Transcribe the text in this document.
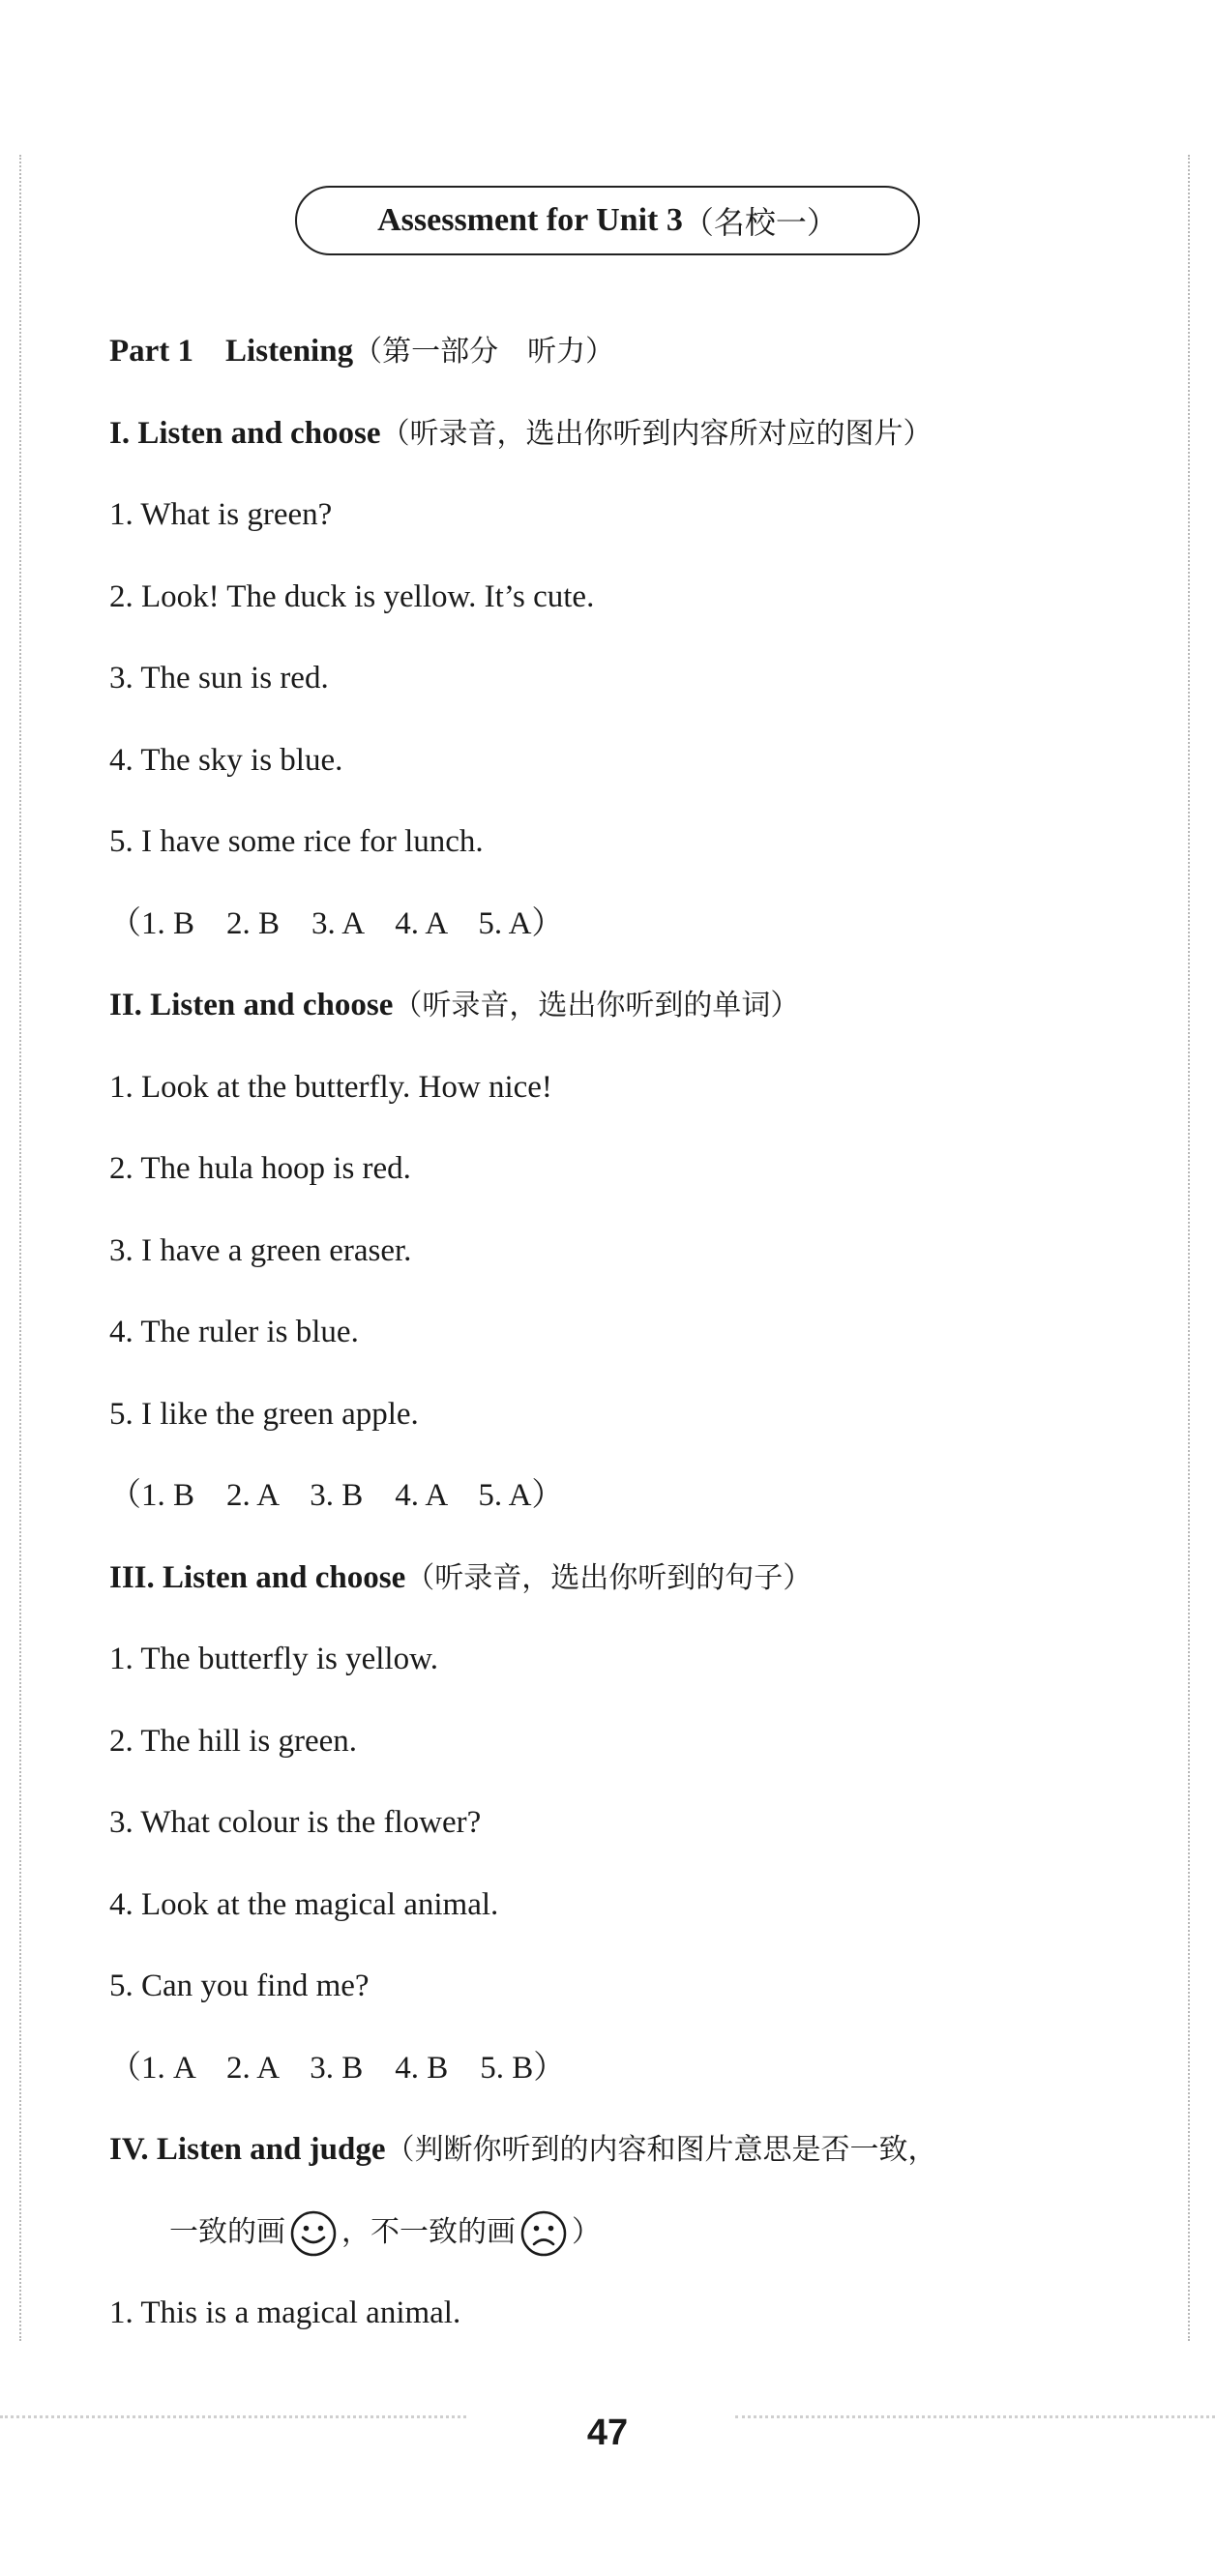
Assessment for Unit 3 （名校一）
Part 1　Listening（第一部分　听力）
I. Listen and choose（听录音，选出你听到内容所对应的图片）
1. What is green?
2. Look! The duck is yellow. It’s cute.
3. The sun is red.
4. The sky is blue.
5. I have some rice for lunch.
（1. B　2. B　3. A　4. A　5. A）
II. Listen and choose（听录音，选出你听到的单词）
1. Look at the butterfly. How nice!
2. The hula hoop is red.
3. I have a green eraser.
4. The ruler is blue.
5. I like the green apple.
（1. B　2. A　3. B　4. A　5. A）
III. Listen and choose（听录音，选出你听到的句子）
1. The butterfly is yellow.
2. The hill is green.
3. What colour is the flower?
4. Look at the magical animal.
5. Can you find me?
（1. A　2. A　3. B　4. B　5. B）
IV. Listen and judge（判断你听到的内容和图片意思是否一致，
一致的画 ，不一致的画 ）
1. This is a magical animal.
47
